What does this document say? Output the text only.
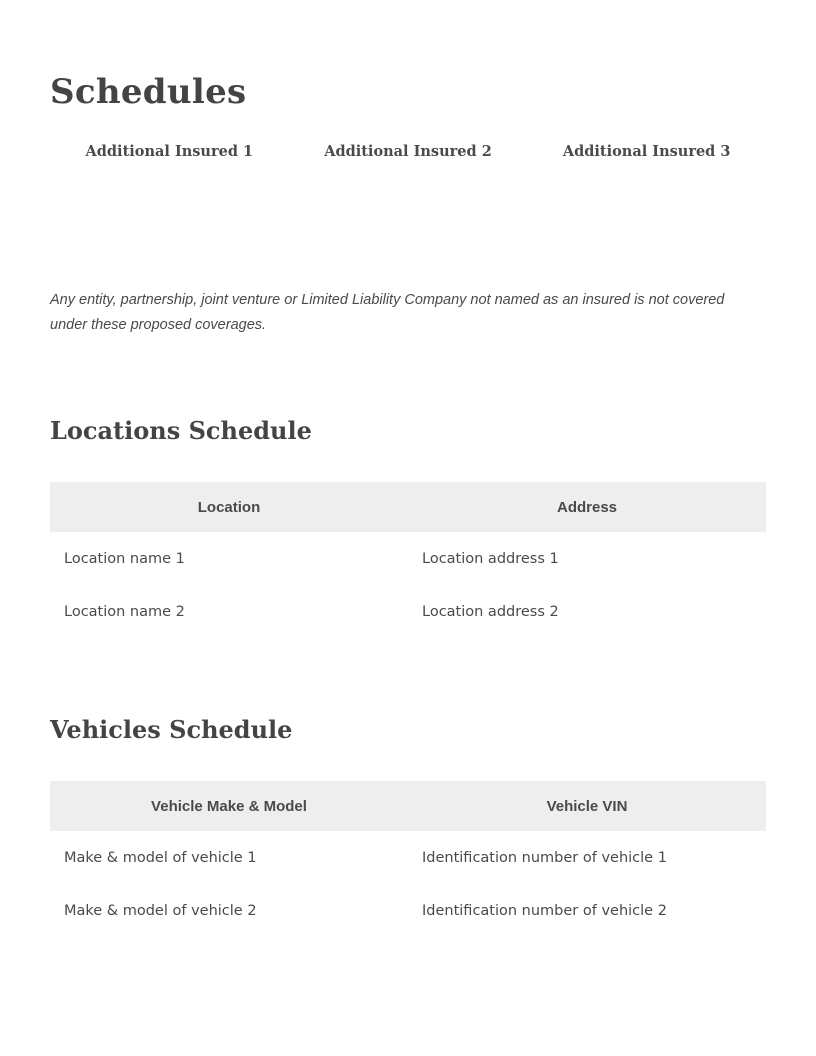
Schedules
Additional Insured 1	Additional Insured 2	Additional Insured 3

Any entity, partnership, joint venture or Limited Liability Company not named as an insured is not covered under these proposed coverages.

Locations Schedule
Location	Address
Location name 1	Location address 1
Location name 2	Location address 2
Vehicles Schedule
Vehicle Make & Model	Vehicle VIN
Make & model of vehicle 1	Identification number of vehicle 1
Make & model of vehicle 2	Identification number of vehicle 2
